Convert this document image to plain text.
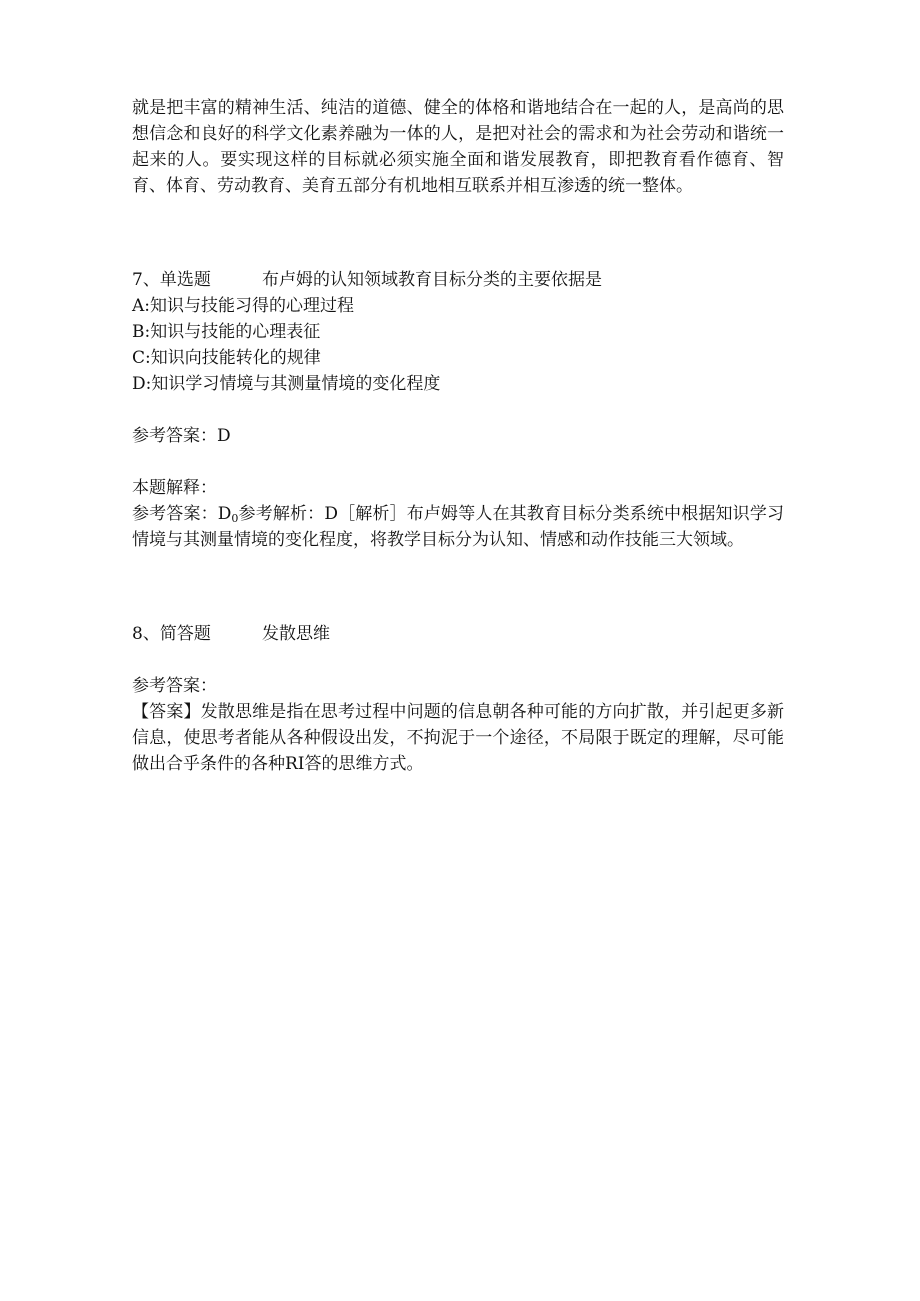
就是把丰富的精神生活、纯洁的道德、健全的体格和谐地结合在一起的人，是高尚的思想信念和良好的科学文化素养融为一体的人，是把对社会的需求和为社会劳动和谐统一起来的人。要实现这样的目标就必须实施全面和谐发展教育，即把教育看作德育、智育、体育、劳动教育、美育五部分有机地相互联系并相互渗透的统一整体。

7、单选题	布卢姆的认知领域教育目标分类的主要依据是

A:知识与技能习得的心理过程

B:知识与技能的心理表征

C:知识向技能转化的规律

D:知识学习情境与其测量情境的变化程度

参考答案：D

本题解释：

参考答案：$D_0$参考解析：D［解析］布卢姆等人在其教育目标分类系统中根据知识学习情境与其测量情境的变化程度，将教学目标分为认知、情感和动作技能三大领域。

8、简答题	发散思维

参考答案：

【答案】发散思维是指在思考过程中问题的信息朝各种可能的方向扩散，并引起更多新信息，使思考者能从各种假设出发，不拘泥于一个途径，不局限于既定的理解，尽可能做出合乎条件的各种RI答的思维方式。
